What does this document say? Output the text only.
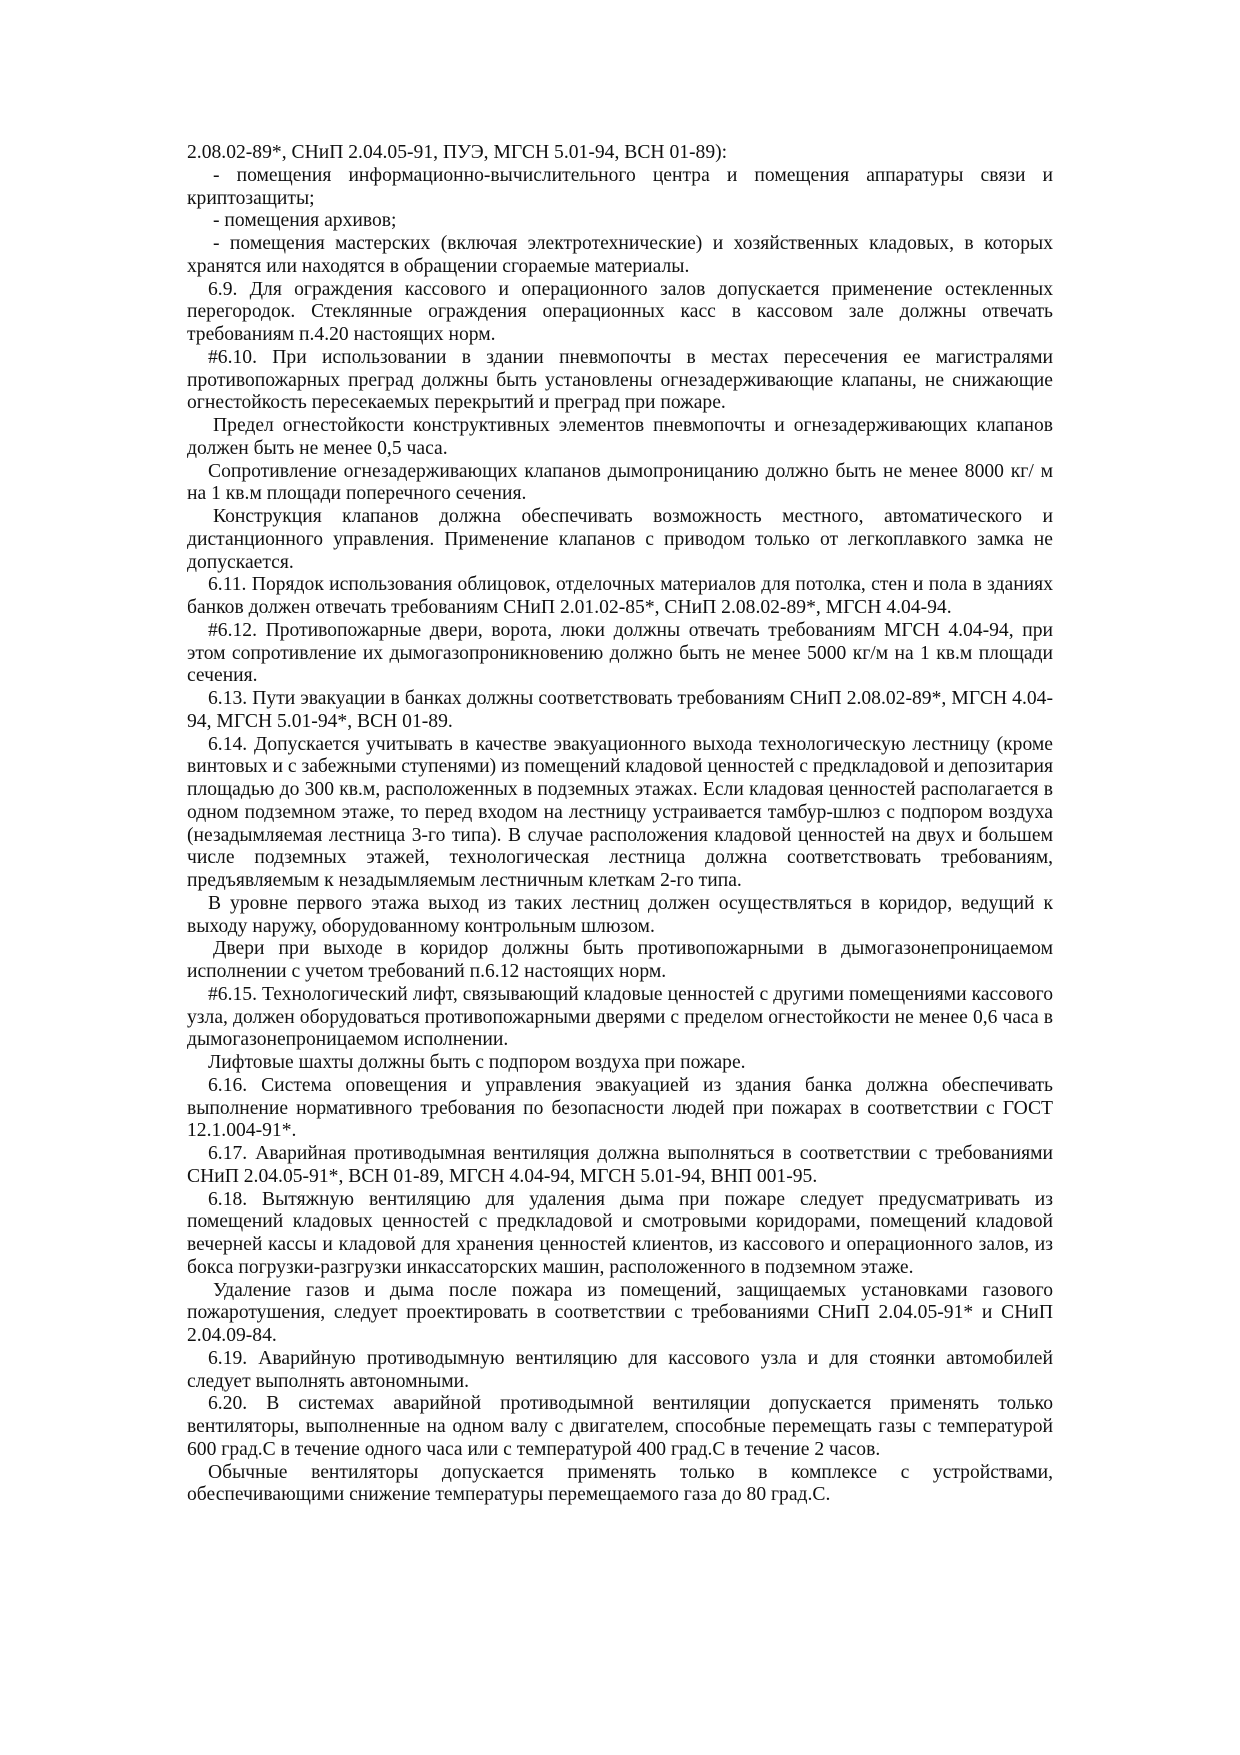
2.08.02-89*, СНиП 2.04.05-91, ПУЭ, МГСН 5.01-94, ВСН 01-89):

- помещения информационно-вычислительного центра и помещения аппаратуры связи и криптозащиты;

- помещения архивов;

- помещения мастерских (включая электротехнические) и хозяйственных кладовых, в которых хранятся или находятся в обращении сгораемые материалы.

6.9. Для ограждения кассового и операционного залов допускается применение остекленных перегородок. Стеклянные ограждения операционных касс в кассовом зале должны отвечать требованиям п.4.20 настоящих норм.

#6.10. При использовании в здании пневмопочты в местах пересечения ее магистралями противопожарных преград должны быть установлены огнезадерживающие клапаны, не снижающие огнестойкость пересекаемых перекрытий и преград при пожаре.

Предел огнестойкости конструктивных элементов пневмопочты и огнезадерживающих клапанов должен быть не менее 0,5 часа.

Сопротивление огнезадерживающих клапанов дымопроницанию должно быть не менее 8000 кг/ м на 1 кв.м площади поперечного сечения.

Конструкция клапанов должна обеспечивать возможность местного, автоматического и дистанционного управления. Применение клапанов с приводом только от легкоплавкого замка не допускается.

6.11. Порядок использования облицовок, отделочных материалов для потолка, стен и пола в зданиях банков должен отвечать требованиям СНиП 2.01.02-85*, СНиП 2.08.02-89*, МГСН 4.04-94.

#6.12. Противопожарные двери, ворота, люки должны отвечать требованиям МГСН 4.04-94, при этом сопротивление их дымогазопроникновению должно быть не менее 5000 кг/м на 1 кв.м площади сечения.

6.13. Пути эвакуации в банках должны соответствовать требованиям СНиП 2.08.02-89*, МГСН 4.04-94, МГСН 5.01-94*, ВСН 01-89.

6.14. Допускается учитывать в качестве эвакуационного выхода технологическую лестницу (кроме винтовых и с забежными ступенями) из помещений кладовой ценностей с предкладовой и депозитария площадью до 300 кв.м, расположенных в подземных этажах. Если кладовая ценностей располагается в одном подземном этаже, то перед входом на лестницу устраивается тамбур-шлюз с подпором воздуха (незадымляемая лестница 3-го типа). В случае расположения кладовой ценностей на двух и большем числе подземных этажей, технологическая лестница должна соответствовать требованиям, предъявляемым к незадымляемым лестничным клеткам 2-го типа.

В уровне первого этажа выход из таких лестниц должен осуществляться в коридор, ведущий к выходу наружу, оборудованному контрольным шлюзом.

Двери при выходе в коридор должны быть противопожарными в дымогазонепроницаемом исполнении с учетом требований п.6.12 настоящих норм.

#6.15. Технологический лифт, связывающий кладовые ценностей с другими помещениями кассового узла, должен оборудоваться противопожарными дверями с пределом огнестойкости не менее 0,6 часа в дымогазонепроницаемом исполнении.

Лифтовые шахты должны быть с подпором воздуха при пожаре.

6.16. Система оповещения и управления эвакуацией из здания банка должна обеспечивать выполнение нормативного требования по безопасности людей при пожарах в соответствии с ГОСТ 12.1.004-91*.

6.17. Аварийная противодымная вентиляция должна выполняться в соответствии с требованиями СНиП 2.04.05-91*, ВСН 01-89, МГСН 4.04-94, МГСН 5.01-94, ВНП 001-95.

6.18. Вытяжную вентиляцию для удаления дыма при пожаре следует предусматривать из помещений кладовых ценностей с предкладовой и смотровыми коридорами, помещений кладовой вечерней кассы и кладовой для хранения ценностей клиентов, из кассового и операционного залов, из бокса погрузки-разгрузки инкассаторских машин, расположенного в подземном этаже.

Удаление газов и дыма после пожара из помещений, защищаемых установками газового пожаротушения, следует проектировать в соответствии с требованиями СНиП 2.04.05-91* и СНиП 2.04.09-84.

6.19. Аварийную противодымную вентиляцию для кассового узла и для стоянки автомобилей следует выполнять автономными.

6.20. В системах аварийной противодымной вентиляции допускается применять только вентиляторы, выполненные на одном валу с двигателем, способные перемещать газы с температурой 600 град.С в течение одного часа или с температурой 400 град.С в течение 2 часов.

Обычные вентиляторы допускается применять только в комплексе с устройствами, обеспечивающими снижение температуры перемещаемого газа до 80 град.С.
